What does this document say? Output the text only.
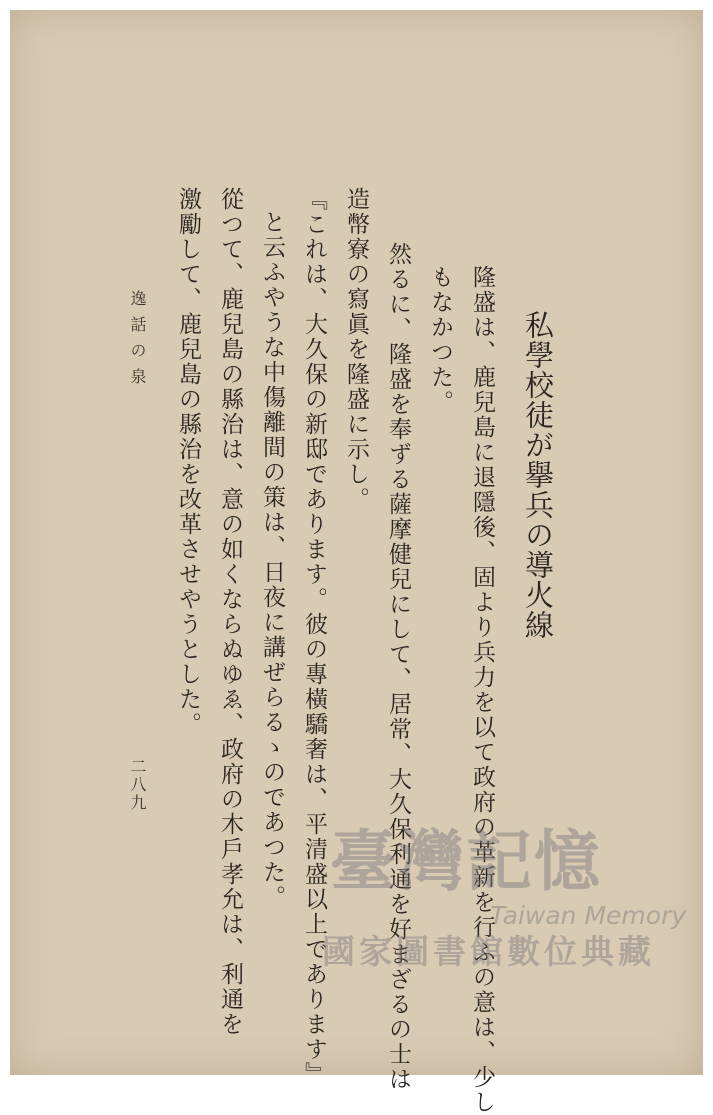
私學校徒が擧兵の導火線
隆盛は、鹿兒島に退隱後、固より兵力を以て政府の革新を行ふの意は、少し
もなかつた。
然るに、隆盛を奉ずる薩摩健兒にして、居常、大久保利通を好まざるの士は
造幣寮の寫眞を隆盛に示し。
『これは、大久保の新邸であります。彼の專橫驕奢は、平清盛以上であります』
と云ふやうな中傷離間の策は、日夜に講ぜらるゝのであつた。
從つて、鹿兒島の縣治は、意の如くならぬゆゑ、政府の木戶孝允は、利通を
激勵して、鹿兒島の縣治を改革させやうとした。
逸話の泉
二八九
臺灣記憶
Taiwan Memory
國家圖書館數位典藏
